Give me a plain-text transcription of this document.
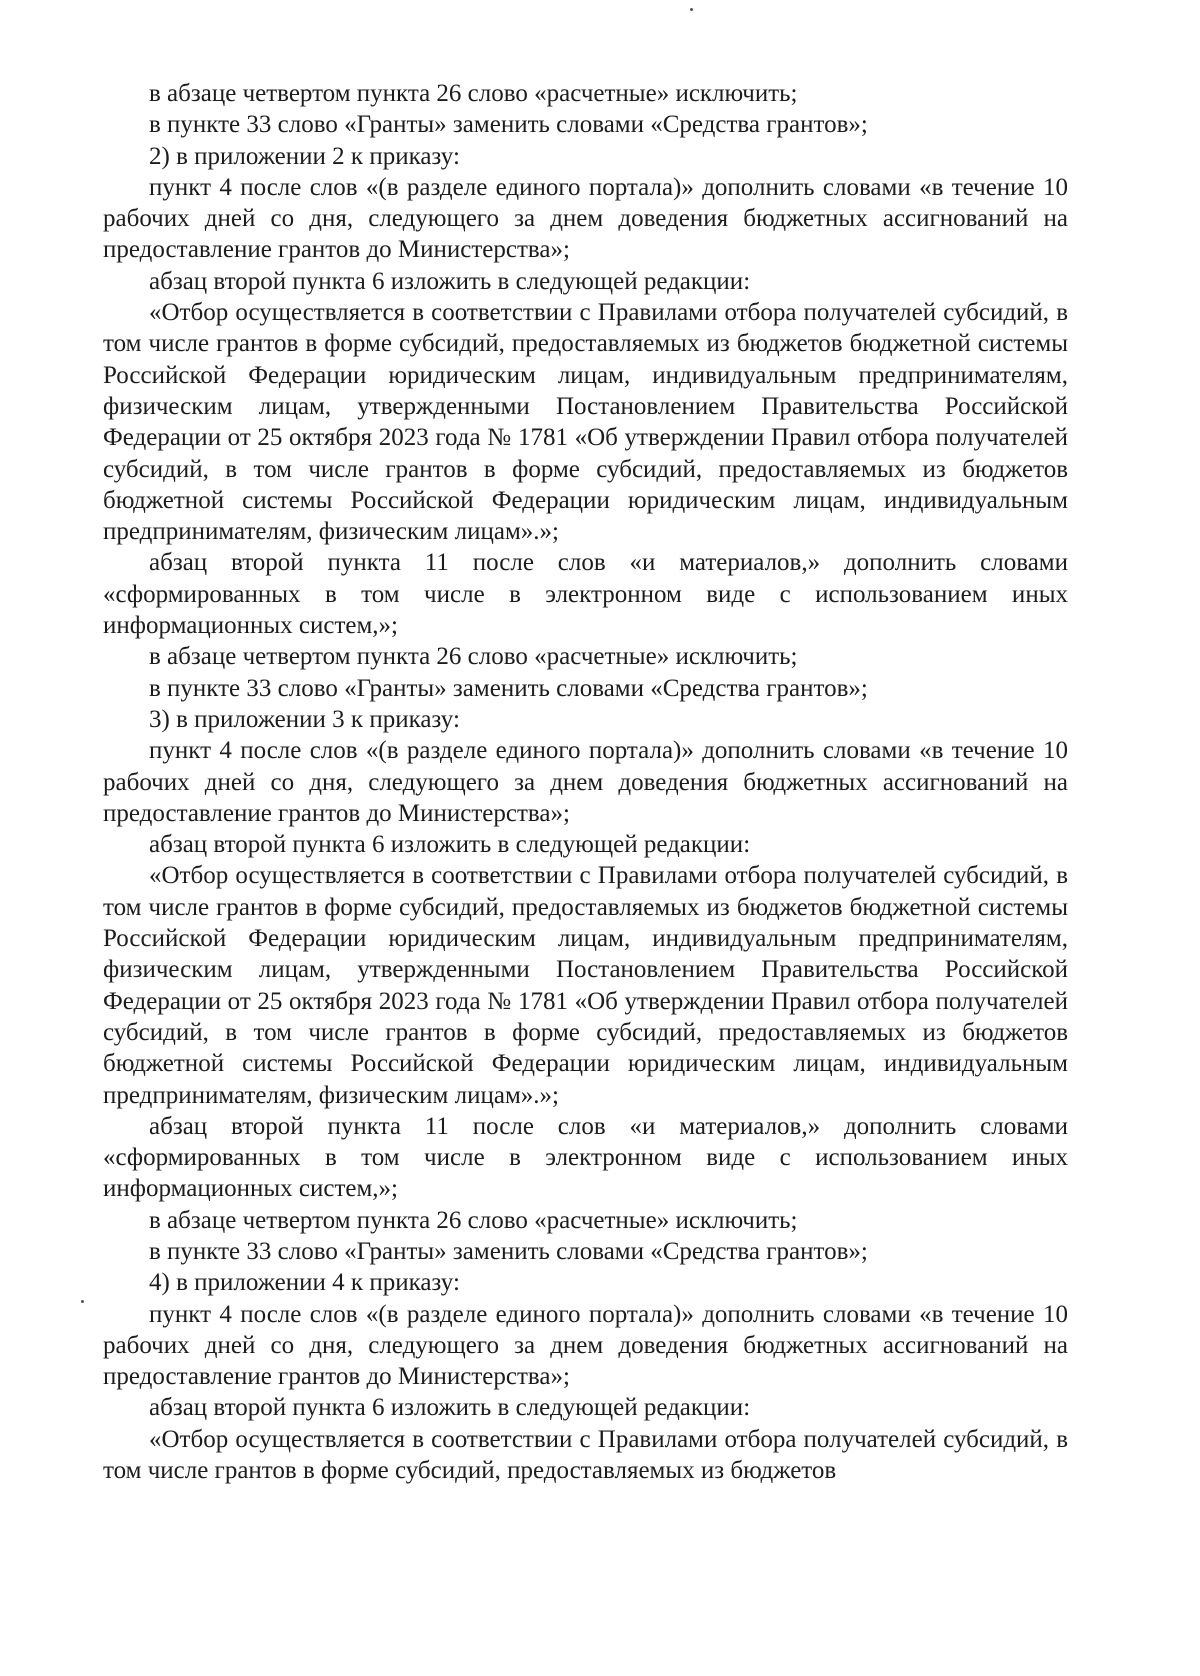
в абзаце четвертом пункта 26 слово «расчетные» исключить;

в пункте 33 слово «Гранты» заменить словами «Средства грантов»;

2) в приложении 2 к приказу:

пункт 4 после слов «(в разделе единого портала)» дополнить словами «в течение 10 рабочих дней со дня, следующего за днем доведения бюджетных ассигнований на предоставление грантов до Министерства»;

абзац второй пункта 6 изложить в следующей редакции:

«Отбор осуществляется в соответствии с Правилами отбора получателей субсидий, в том числе грантов в форме субсидий, предоставляемых из бюджетов бюджетной системы Российской Федерации юридическим лицам, индивидуальным предпринимателям, физическим лицам, утвержденными Постановлением Правительства Российской Федерации от 25 октября 2023 года № 1781 «Об утверждении Правил отбора получателей субсидий, в том числе грантов в форме субсидий, предоставляемых из бюджетов бюджетной системы Российской Федерации юридическим лицам, индивидуальным предпринимателям, физическим лицам».»;

абзац второй пункта 11 после слов «и материалов,» дополнить словами «сформированных в том числе в электронном виде с использованием иных информационных систем,»;

в абзаце четвертом пункта 26 слово «расчетные» исключить;

в пункте 33 слово «Гранты» заменить словами «Средства грантов»;

3) в приложении 3 к приказу:

пункт 4 после слов «(в разделе единого портала)» дополнить словами «в течение 10 рабочих дней со дня, следующего за днем доведения бюджетных ассигнований на предоставление грантов до Министерства»;

абзац второй пункта 6 изложить в следующей редакции:

«Отбор осуществляется в соответствии с Правилами отбора получателей субсидий, в том числе грантов в форме субсидий, предоставляемых из бюджетов бюджетной системы Российской Федерации юридическим лицам, индивидуальным предпринимателям, физическим лицам, утвержденными Постановлением Правительства Российской Федерации от 25 октября 2023 года № 1781 «Об утверждении Правил отбора получателей субсидий, в том числе грантов в форме субсидий, предоставляемых из бюджетов бюджетной системы Российской Федерации юридическим лицам, индивидуальным предпринимателям, физическим лицам».»;

абзац второй пункта 11 после слов «и материалов,» дополнить словами «сформированных в том числе в электронном виде с использованием иных информационных систем,»;

в абзаце четвертом пункта 26 слово «расчетные» исключить;

в пункте 33 слово «Гранты» заменить словами «Средства грантов»;

4) в приложении 4 к приказу:

пункт 4 после слов «(в разделе единого портала)» дополнить словами «в течение 10 рабочих дней со дня, следующего за днем доведения бюджетных ассигнований на предоставление грантов до Министерства»;

абзац второй пункта 6 изложить в следующей редакции:

«Отбор осуществляется в соответствии с Правилами отбора получателей субсидий, в том числе грантов в форме субсидий, предоставляемых из бюджетов
